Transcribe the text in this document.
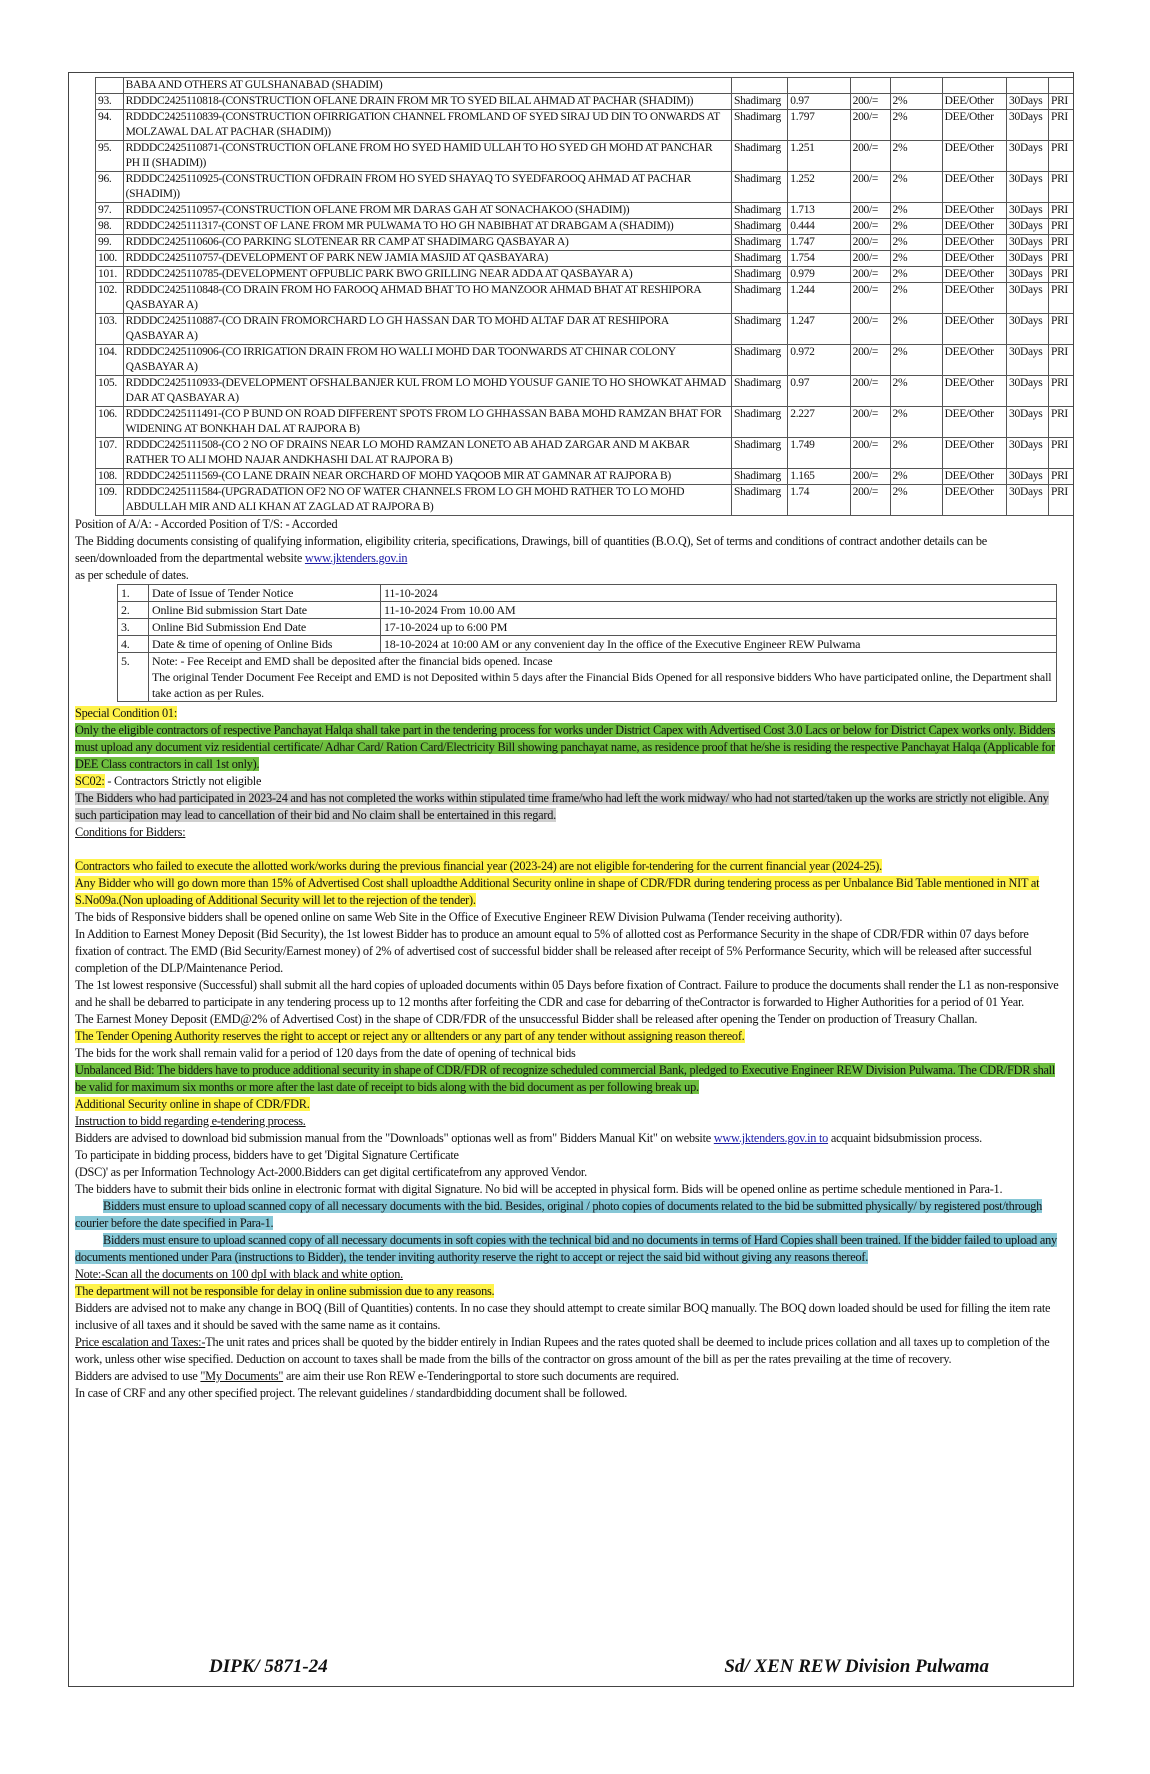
	BABA AND OTHERS AT GULSHANABAD (SHADIM)							
93.	RDDDC2425110818-(CONSTRUCTION OFLANE DRAIN FROM MR TO SYED BILAL AHMAD AT PACHAR (SHADIM))	Shadimarg	0.97	200/=	2%	DEE/Other	30Days	PRI
94.	RDDDC2425110839-(CONSTRUCTION OFIRRIGATION CHANNEL FROMLAND OF SYED SIRAJ UD DIN TO ONWARDS AT MOLZAWAL DAL AT PACHAR (SHADIM))	Shadimarg	1.797	200/=	2%	DEE/Other	30Days	PRI
95.	RDDDC2425110871-(CONSTRUCTION OFLANE FROM HO SYED HAMID ULLAH TO HO SYED GH MOHD AT PANCHAR PH II (SHADIM))	Shadimarg	1.251	200/=	2%	DEE/Other	30Days	PRI
96.	RDDDC2425110925-(CONSTRUCTION OFDRAIN FROM HO SYED SHAYAQ TO SYEDFAROOQ AHMAD AT PACHAR (SHADIM))	Shadimarg	1.252	200/=	2%	DEE/Other	30Days	PRI
97.	RDDDC2425110957-(CONSTRUCTION OFLANE FROM MR DARAS GAH AT SONACHAKOO (SHADIM))	Shadimarg	1.713	200/=	2%	DEE/Other	30Days	PRI
98.	RDDDC2425111317-(CONST OF LANE FROM MR PULWAMA TO HO GH NABIBHAT AT DRABGAM A (SHADIM))	Shadimarg	0.444	200/=	2%	DEE/Other	30Days	PRI
99.	RDDDC2425110606-(CO PARKING SLOTENEAR RR CAMP AT SHADIMARG QASBAYAR A)	Shadimarg	1.747	200/=	2%	DEE/Other	30Days	PRI
100.	RDDDC2425110757-(DEVELOPMENT OF PARK NEW JAMIA MASJID AT QASBAYARA)	Shadimarg	1.754	200/=	2%	DEE/Other	30Days	PRI
101.	RDDDC2425110785-(DEVELOPMENT OFPUBLIC PARK BWO GRILLING NEAR ADDA AT QASBAYAR A)	Shadimarg	0.979	200/=	2%	DEE/Other	30Days	PRI
102.	RDDDC2425110848-(CO DRAIN FROM HO FAROOQ AHMAD BHAT TO HO MANZOOR AHMAD BHAT AT RESHIPORA QASBAYAR A)	Shadimarg	1.244	200/=	2%	DEE/Other	30Days	PRI
103.	RDDDC2425110887-(CO DRAIN FROMORCHARD LO GH HASSAN DAR TO MOHD ALTAF DAR AT RESHIPORA QASBAYAR A)	Shadimarg	1.247	200/=	2%	DEE/Other	30Days	PRI
104.	RDDDC2425110906-(CO IRRIGATION DRAIN FROM HO WALLI MOHD DAR TOONWARDS AT CHINAR COLONY QASBAYAR A)	Shadimarg	0.972	200/=	2%	DEE/Other	30Days	PRI
105.	RDDDC2425110933-(DEVELOPMENT OFSHALBANJER KUL FROM LO MOHD YOUSUF GANIE TO HO SHOWKAT AHMAD DAR AT QASBAYAR A)	Shadimarg	0.97	200/=	2%	DEE/Other	30Days	PRI
106.	RDDDC2425111491-(CO P BUND ON ROAD DIFFERENT SPOTS FROM LO GHHASSAN BABA MOHD RAMZAN BHAT FOR WIDENING AT BONKHAH DAL AT RAJPORA B)	Shadimarg	2.227	200/=	2%	DEE/Other	30Days	PRI
107.	RDDDC2425111508-(CO 2 NO OF DRAINS NEAR LO MOHD RAMZAN LONETO AB AHAD ZARGAR AND M AKBAR RATHER TO ALI MOHD NAJAR ANDKHASHI DAL AT RAJPORA B)	Shadimarg	1.749	200/=	2%	DEE/Other	30Days	PRI
108.	RDDDC2425111569-(CO LANE DRAIN NEAR ORCHARD OF MOHD YAQOOB MIR AT GAMNAR AT RAJPORA B)	Shadimarg	1.165	200/=	2%	DEE/Other	30Days	PRI
109.	RDDDC2425111584-(UPGRADATION OF2 NO OF WATER CHANNELS FROM LO GH MOHD RATHER TO LO MOHD ABDULLAH MIR AND ALI KHAN AT ZAGLAD AT RAJPORA B)	Shadimarg	1.74	200/=	2%	DEE/Other	30Days	PRI

Position of A/A: - Accorded Position of T/S: - Accorded

The Bidding documents consisting of qualifying information, eligibility criteria, specifications, Drawings, bill of quantities (B.O.Q), Set of terms and conditions of contract andother details can be seen/downloaded from the departmental website www.jktenders.gov.in

as per schedule of dates.

1.	Date of Issue of Tender Notice	11-10-2024
2.	Online Bid submission Start Date	11-10-2024 From 10.00 AM
3.	Online Bid Submission End Date	17-10-2024 up to 6:00 PM
4.	Date & time of opening of Online Bids	18-10-2024 at 10:00 AM or any convenient day In the office of the Executive Engineer REW Pulwama
5.	Note: - Fee Receipt and EMD shall be deposited after the financial bids opened. Incase
The original Tender Document Fee Receipt and EMD is not Deposited within 5 days after the Financial Bids Opened for all responsive bidders Who have participated online, the Department shall take action as per Rules.	

Special Condition 01:

Only the eligible contractors of respective Panchayat Halqa shall take part in the tendering process for works under District Capex with Advertised Cost 3.0 Lacs or below for District Capex works only. Bidders must upload any document viz residential certificate/ Adhar Card/ Ration Card/Electricity Bill showing panchayat name, as residence proof that he/she is residing the respective Panchayat Halqa (Applicable for DEE Class contractors in call 1st only).

SC02: - Contractors Strictly not eligible

The Bidders who had participated in 2023-24 and has not completed the works within stipulated time frame/who had left the work midway/ who had not started/taken up the works are strictly not eligible. Any such participation may lead to cancellation of their bid and No claim shall be entertained in this regard.

Conditions for Bidders:

Contractors who failed to execute the allotted work/works during the previous financial year (2023-24) are not eligible for-tendering for the current financial year (2024-25).

Any Bidder who will go down more than 15% of Advertised Cost shall uploadthe Additional Security online in shape of CDR/FDR during tendering process as per Unbalance Bid Table mentioned in NIT at S.No09a.(Non uploading of Additional Security will let to the rejection of the tender).

The bids of Responsive bidders shall be opened online on same Web Site in the Office of Executive Engineer REW Division Pulwama (Tender receiving authority).

In Addition to Earnest Money Deposit (Bid Security), the 1st lowest Bidder has to produce an amount equal to 5% of allotted cost as Performance Security in the shape of CDR/FDR within 07 days before fixation of contract. The EMD (Bid Security/Earnest money) of 2% of advertised cost of successful bidder shall be released after receipt of 5% Performance Security, which will be released after successful completion of the DLP/Maintenance Period.

The 1st lowest responsive (Successful) shall submit all the hard copies of uploaded documents within 05 Days before fixation of Contract. Failure to produce the documents shall render the L1 as non-responsive and he shall be debarred to participate in any tendering process up to 12 months after forfeiting the CDR and case for debarring of theContractor is forwarded to Higher Authorities for a period of 01 Year.

The Earnest Money Deposit (EMD@2% of Advertised Cost) in the shape of CDR/FDR of the unsuccessful Bidder shall be released after opening the Tender on production of Treasury Challan.

The Tender Opening Authority reserves the right to accept or reject any or alltenders or any part of any tender without assigning reason thereof.

The bids for the work shall remain valid for a period of 120 days from the date of opening of technical bids

Unbalanced Bid: The bidders have to produce additional security in shape of CDR/FDR of recognize scheduled commercial Bank, pledged to Executive Engineer REW Division Pulwama. The CDR/FDR shall be valid for maximum six months or more after the last date of receipt to bids along with the bid document as per following break up.

Additional Security online in shape of CDR/FDR.

Instruction to bidd regarding e-tendering process.

Bidders are advised to download bid submission manual from the "Downloads" optionas well as from" Bidders Manual Kit" on website www.jktenders.gov.in to acquaint bidsubmission process.

To participate in bidding process, bidders have to get 'Digital Signature Certificate

(DSC)' as per Information Technology Act-2000.Bidders can get digital certificatefrom any approved Vendor.

The bidders have to submit their bids online in electronic format with digital Signature. No bid will be accepted in physical form. Bids will be opened online as pertime schedule mentioned in Para-1.

Bidders must ensure to upload scanned copy of all necessary documents with the bid. Besides, original / photo copies of documents related to the bid be submitted physically/ by registered post/through courier before the date specified in Para-1.

Bidders must ensure to upload scanned copy of all necessary documents in soft copies with the technical bid and no documents in terms of Hard Copies shall been trained. If the bidder failed to upload any documents mentioned under Para (instructions to Bidder), the tender inviting authority reserve the right to accept or reject the said bid without giving any reasons thereof.

Note:-Scan all the documents on 100 dpI with black and white option.

The department will not be responsible for delay in online submission due to any reasons.

Bidders are advised not to make any change in BOQ (Bill of Quantities) contents. In no case they should attempt to create similar BOQ manually. The BOQ down loaded should be used for filling the item rate inclusive of all taxes and it should be saved with the same name as it contains.

Price escalation and Taxes:-The unit rates and prices shall be quoted by the bidder entirely in Indian Rupees and the rates quoted shall be deemed to include prices collation and all taxes up to completion of the work, unless other wise specified. Deduction on account to taxes shall be made from the bills of the contractor on gross amount of the bill as per the rates prevailing at the time of recovery.

Bidders are advised to use "My Documents" are aim their use Ron REW e-Tenderingportal to store such documents are required.

In case of CRF and any other specified project. The relevant guidelines / standardbidding document shall be followed.

DIPK/ 5871-24	Sd/ XEN REW Division Pulwama
